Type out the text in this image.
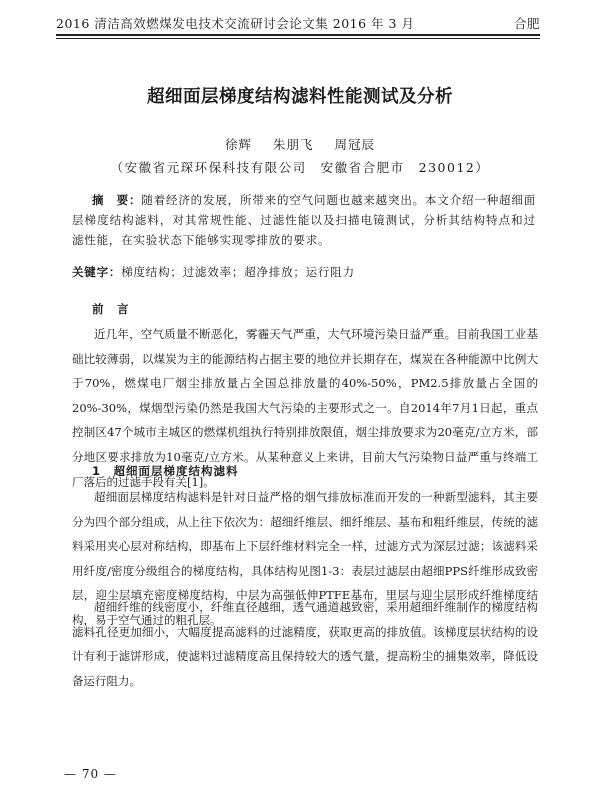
2016 清洁高效燃煤发电技术交流研讨会论文集 2016 年 3 月	合肥
超细面层梯度结构滤料性能测试及分析
徐辉 朱朋飞 周冠辰
（安徽省元琛环保科技有限公司　安徽省合肥市　230012）
摘　要：随着经济的发展，所带来的空气问题也越来越突出。本文介绍一种超细面层梯度结构滤料，对其常规性能、过滤性能以及扫描电镜测试，分析其结构特点和过滤性能，在实验状态下能够实现零排放的要求。
关键字：梯度结构；过滤效率；超净排放；运行阻力
前　言
近几年，空气质量不断恶化，雾霾天气严重，大气环境污染日益严重。目前我国工业基础比较薄弱，以煤炭为主的能源结构占据主要的地位并长期存在，煤炭在各种能源中比例大于70%，燃煤电厂烟尘排放量占全国总排放量的40%-50%，PM2.5排放量占全国的20%-30%，煤烟型污染仍然是我国大气污染的主要形式之一。自2014年7月1日起，重点控制区47个城市主城区的燃煤机组执行特别排放限值，烟尘排放要求为20毫克/立方米，部分地区要求排放为10毫克/立方米。从某种意义上来讲，目前大气污染物日益严重与终端工厂落后的过滤手段有关[1]。
1　超细面层梯度结构滤料
超细面层梯度结构滤料是针对日益严格的烟气排放标准而开发的一种新型滤料，其主要分为四个部分组成，从上往下依次为：超细纤维层、细纤维层、基布和粗纤维层，传统的滤料采用夹心层对称结构，即基布上下层纤维材料完全一样，过滤方式为深层过滤；该滤料采用纤度/密度分级组合的梯度结构，具体结构见图1-3：表层过滤层由超细PPS纤维形成致密层，迎尘层填充密度梯度结构，中层为高强低伸PTFE基布，里层与迎尘层形成纤维梯度结构，易于空气通过的粗孔层。
超细纤维的线密度小，纤维直径越细，透气通道越致密，采用超细纤维制作的梯度结构滤料孔径更加细小，大幅度提高滤料的过滤精度，获取更高的排放值。该梯度层状结构的设计有利于滤饼形成，使滤料过滤精度高且保持较大的透气量，提高粉尘的捕集效率，降低设备运行阻力。
— 70 —
